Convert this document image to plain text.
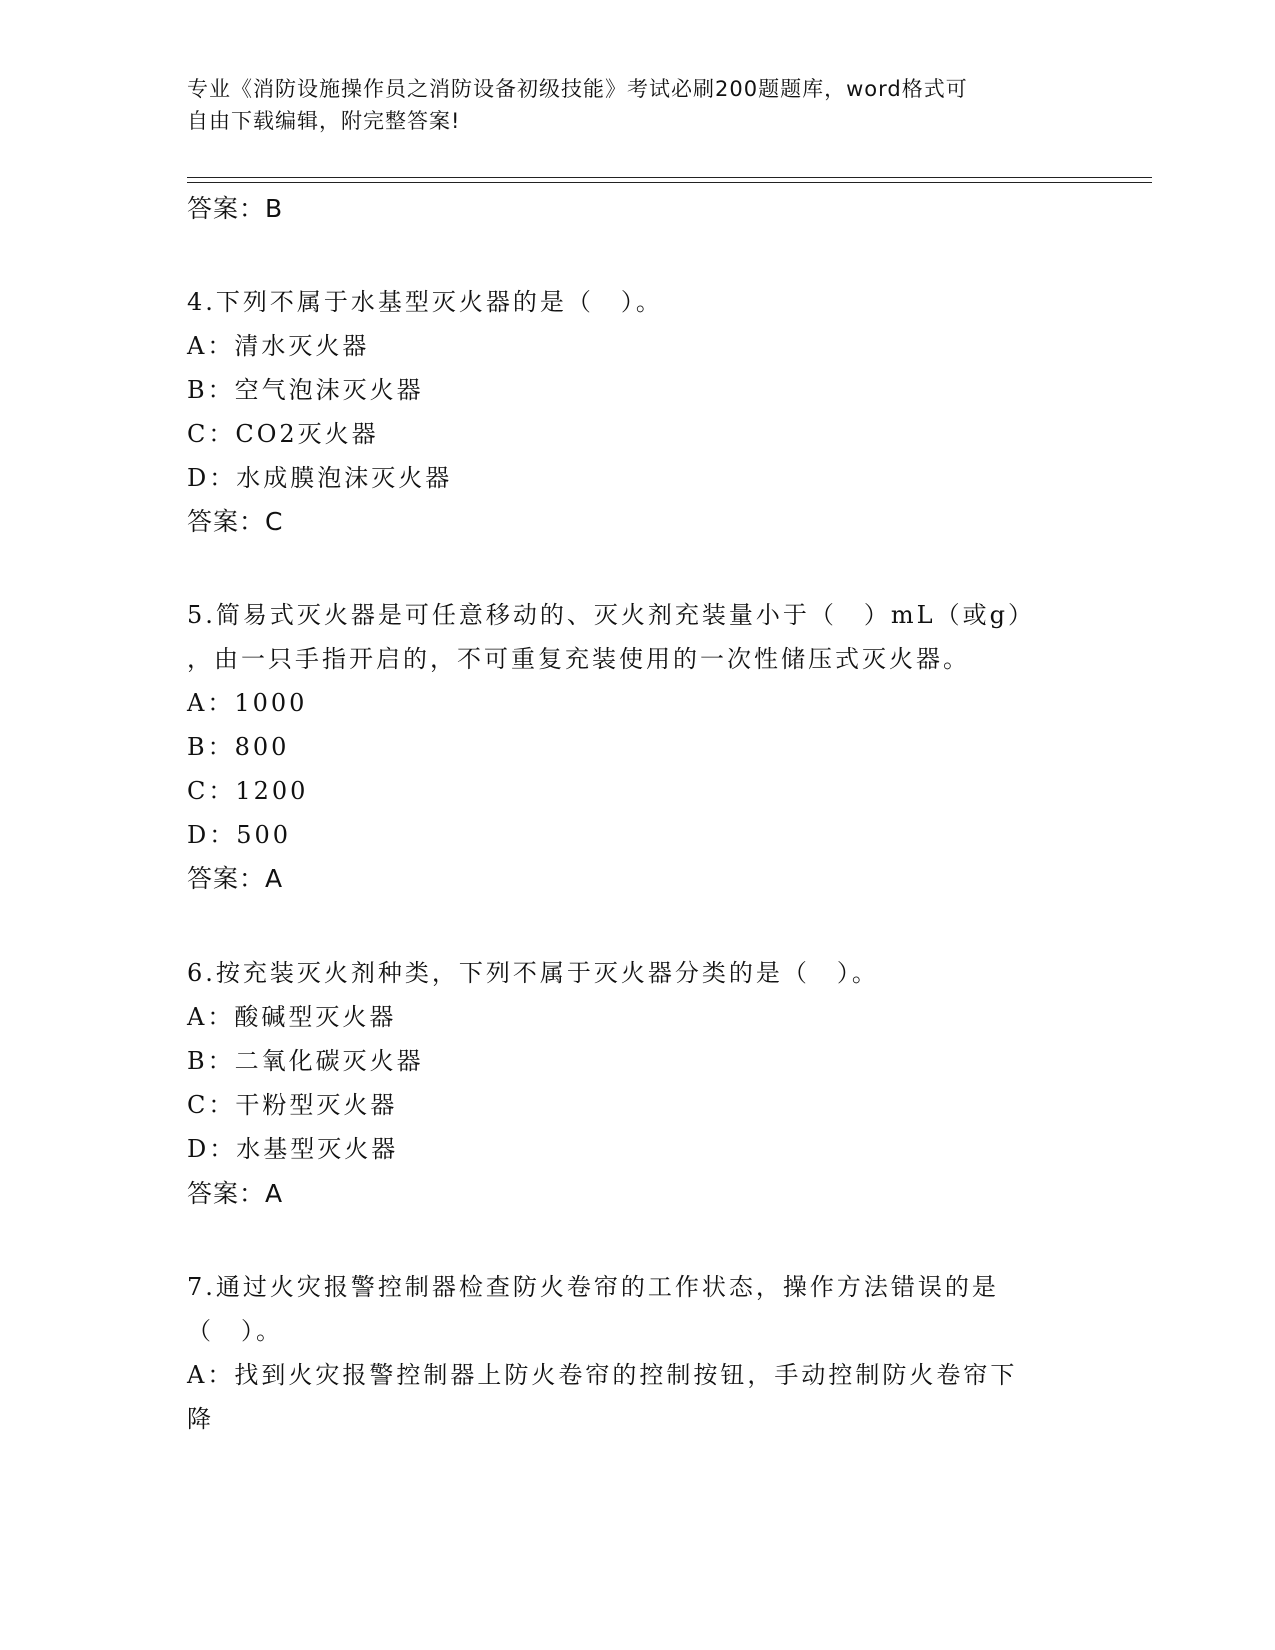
专业《消防设施操作员之消防设备初级技能》考试必刷200题题库，word格式可
自由下载编辑，附完整答案!
答案：B
4.下列不属于水基型灭火器的是（　）。
A：清水灭火器
B：空气泡沫灭火器
C：CO2灭火器
D：水成膜泡沫灭火器
答案：C
5.简易式灭火器是可任意移动的、灭火剂充装量小于（　）mL（或g）
，由一只手指开启的，不可重复充装使用的一次性储压式灭火器。
A：1000
B：800
C：1200
D：500
答案：A
6.按充装灭火剂种类，下列不属于灭火器分类的是（　）。
A：酸碱型灭火器
B：二氧化碳灭火器
C：干粉型灭火器
D：水基型灭火器
答案：A
7.通过火灾报警控制器检查防火卷帘的工作状态，操作方法错误的是
（　）。
A：找到火灾报警控制器上防火卷帘的控制按钮，手动控制防火卷帘下
降
